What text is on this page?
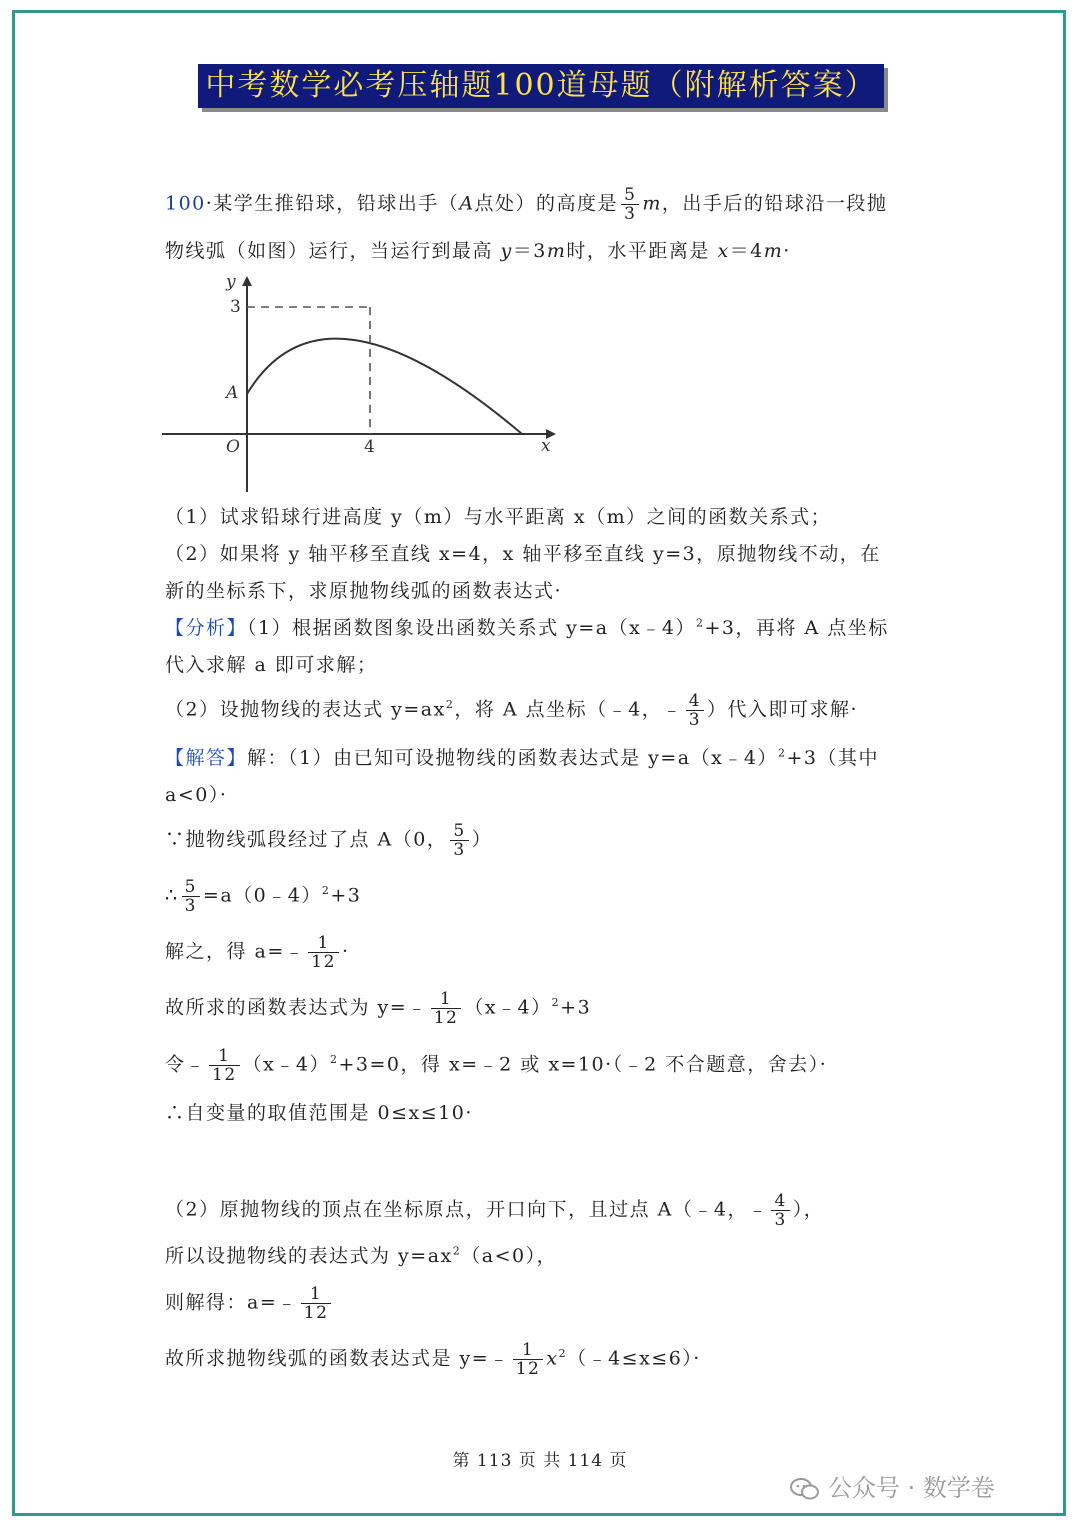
中考数学必考压轴题100道母题（附解析答案）
100·某学生推铅球，铅球出手（A点处）的高度是 $\frac{5}{3}$ m，出手后的铅球沿一段抛
物线弧（如图）运行，当运行到最高 y＝3m时，水平距离是 x＝4m·
y
x
O
A
3
4
（1）试求铅球行进高度 y（m）与水平距离 x（m）之间的函数关系式；
（2）如果将 y 轴平移至直线 x=4，x 轴平移至直线 y=3，原抛物线不动，在
新的坐标系下，求原抛物线弧的函数表达式·
【分析】（1）根据函数图象设出函数关系式 y=a（x﹣4）$^2$+3，再将 A 点坐标
代入求解 a 即可求解；
（2）设抛物线的表达式 $y=ax^2$，将 A 点坐标（﹣4，﹣ $\frac{4}{3}$ ）代入即可求解·
【解答】解：（1）由已知可设抛物线的函数表达式是 y=a（x﹣4）$^2$+3（其中
a<0）·
∵抛物线弧段经过了点 A（0， $\frac{5}{3}$ ）
∴ $\frac{5}{3}$ =a（0﹣4）$^2$+3
解之，得 a=﹣ $\frac{1}{12}$ ·
故所求的函数表达式为 y=﹣ $\frac{1}{12}$ （x﹣4）$^2$+3
令﹣ $\frac{1}{12}$ （x﹣4）$^2$+3=0，得 x=﹣2 或 x=10·（﹣2 不合题意，舍去）·
∴自变量的取值范围是 0≤x≤10·
（2）原抛物线的顶点在坐标原点，开口向下，且过点 A（﹣4，﹣ $\frac{4}{3}$ ），
所以设抛物线的表达式为 $y=ax^2(a<0)$，
则解得：a=﹣ $\frac{1}{12}$
故所求抛物线弧的函数表达式是 y=﹣ $\frac{1}{12}$ $x^2(﹣4\le x\le 6)\cdot$
第 113 页 共 114 页
公众号 · 数学卷
